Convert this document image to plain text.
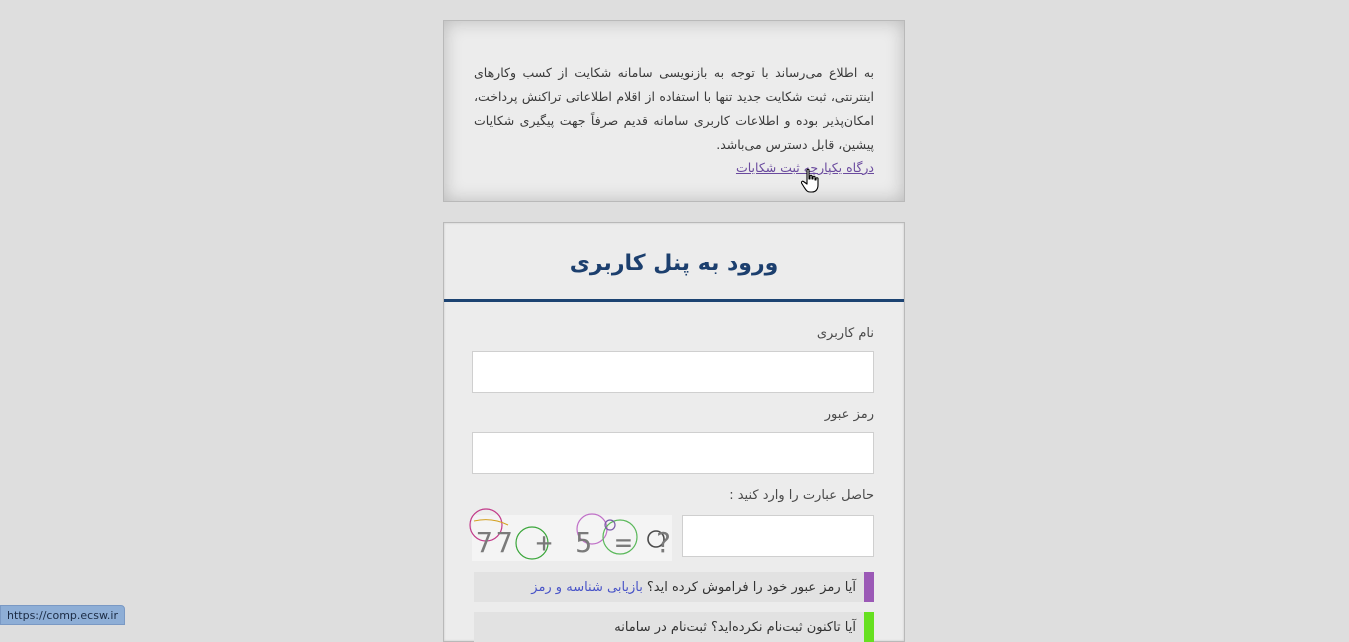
به اطلاع می‌رساند با توجه به بازنویسی سامانه شکایت از کسب وکارهای اینترنتی، ثبت شکایت جدید تنها با استفاده از اقلام اطلاعاتی تراکنش پرداخت، امکان‌پذیر بوده و اطلاعات کاربری سامانه قدیم صرفاً جهت پیگیری شکایات پیشین، قابل دسترس می‌باشد.

درگاه یکپارچه ثبت شکایات
ورود به پنل کاربری
نام کاربری
رمز عبور
حاصل عبارت را وارد کنید :
77 + 5 = ?
آیا رمز عبور خود را فراموش کرده اید؟
بازیابی شناسه و رمز
آیا تاکنون ثبت‌نام نکرده‌اید؟ ثبت‌نام در سامانه
https://comp.ecsw.ir
